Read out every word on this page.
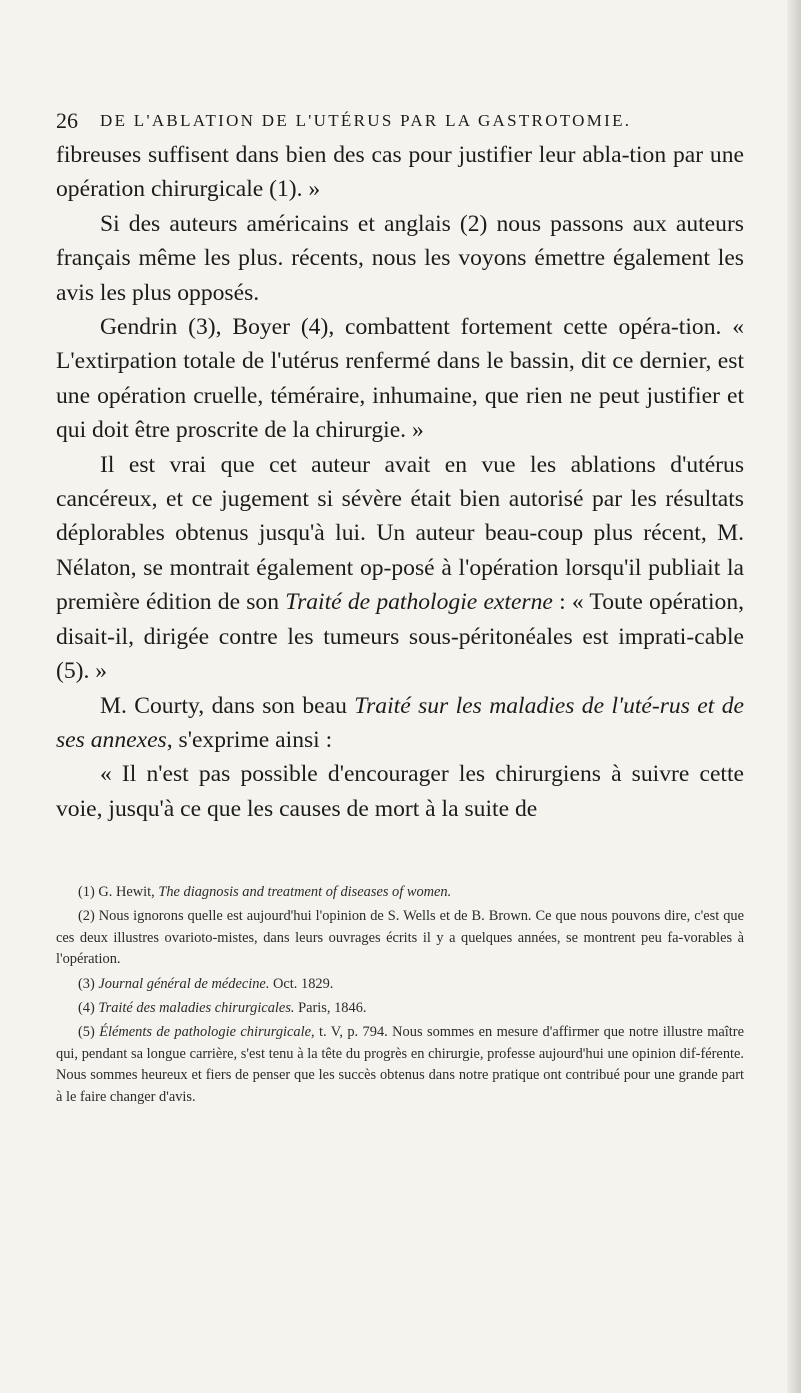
26 DE L'ABLATION DE L'UTÉRUS PAR LA GASTROTOMIE.

fibreuses suffisent dans bien des cas pour justifier leur abla-tion par une opération chirurgicale (1). »

Si des auteurs américains et anglais (2) nous passons aux auteurs français même les plus. récents, nous les voyons émettre également les avis les plus opposés.

Gendrin (3), Boyer (4), combattent fortement cette opéra-tion. « L'extirpation totale de l'utérus renfermé dans le bassin, dit ce dernier, est une opération cruelle, téméraire, inhumaine, que rien ne peut justifier et qui doit être proscrite de la chirurgie. »

Il est vrai que cet auteur avait en vue les ablations d'utérus cancéreux, et ce jugement si sévère était bien autorisé par les résultats déplorables obtenus jusqu'à lui. Un auteur beau-coup plus récent, M. Nélaton, se montrait également op-posé à l'opération lorsqu'il publiait la première édition de son Traité de pathologie externe : « Toute opération, disait-il, dirigée contre les tumeurs sous-péritonéales est imprati-cable (5). »

M. Courty, dans son beau Traité sur les maladies de l'uté-rus et de ses annexes, s'exprime ainsi :

« Il n'est pas possible d'encourager les chirurgiens à suivre cette voie, jusqu'à ce que les causes de mort à la suite de

(1) G. Hewit, The diagnosis and treatment of diseases of women.

(2) Nous ignorons quelle est aujourd'hui l'opinion de S. Wells et de B. Brown. Ce que nous pouvons dire, c'est que ces deux illustres ovarioto-mistes, dans leurs ouvrages écrits il y a quelques années, se montrent peu fa-vorables à l'opération.

(3) Journal général de médecine. Oct. 1829.

(4) Traité des maladies chirurgicales. Paris, 1846.

(5) Éléments de pathologie chirurgicale, t. V, p. 794. Nous sommes en mesure d'affirmer que notre illustre maître qui, pendant sa longue carrière, s'est tenu à la tête du progrès en chirurgie, professe aujourd'hui une opinion dif-férente. Nous sommes heureux et fiers de penser que les succès obtenus dans notre pratique ont contribué pour une grande part à le faire changer d'avis.
